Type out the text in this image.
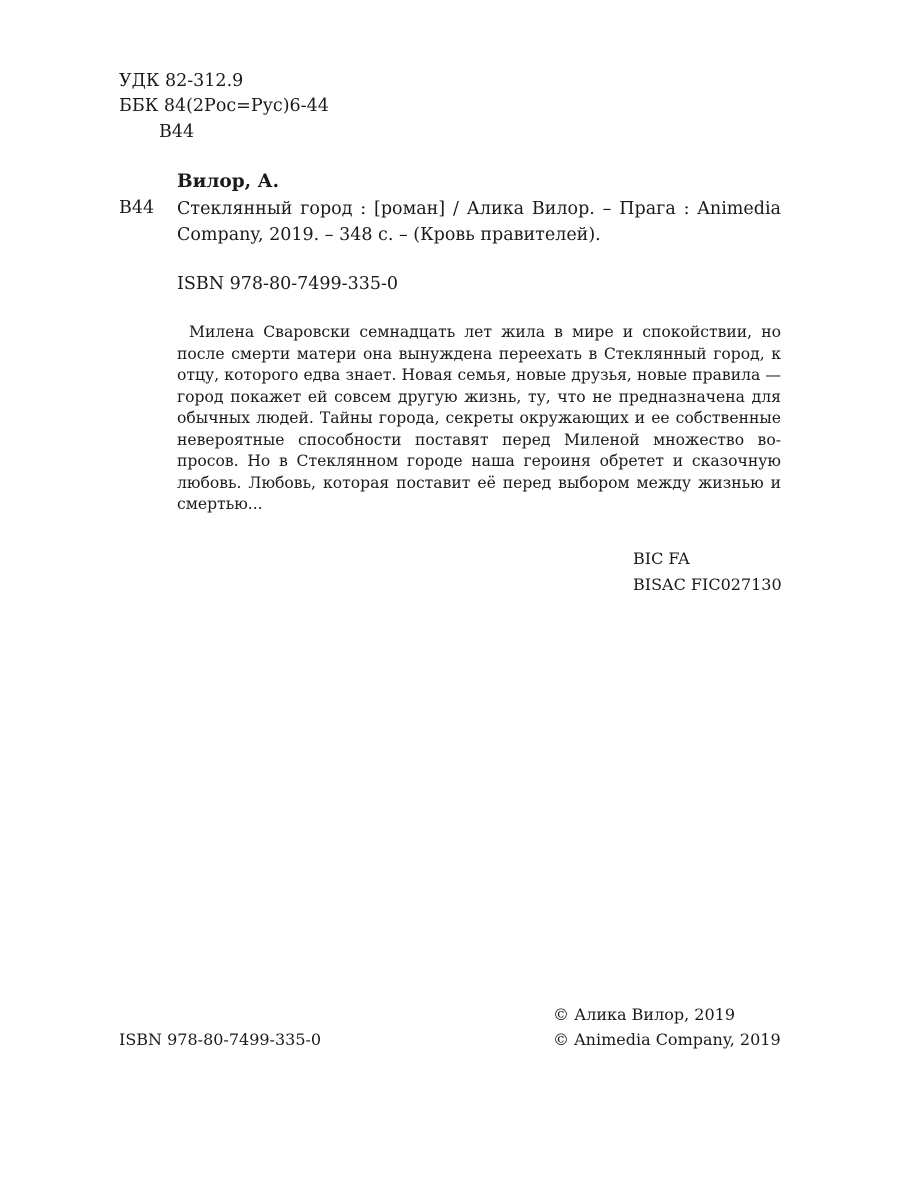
УДК 82-312.9
ББК 84(2Рос=Рус)6-44
В44
Вилор, А.
В44 Стеклянный город : [роман] / Алика Вилор. – Прага : Animedia Company, 2019. – 348 с. – (Кровь правителей).
ISBN 978-80-7499-335-0
Милена Сваровски семнадцать лет жила в мире и спокойствии, но после смерти матери она вынуждена переехать в Стеклянный город, к отцу, которого едва знает. Новая семья, новые друзья, новые правила — город покажет ей совсем другую жизнь, ту, что не предназначена для обычных людей. Тайны города, секреты окружающих и ее собственные невероятные способности поставят перед Миленой множество вопросов. Но в Стеклянном городе наша героиня обретет и сказочную любовь. Любовь, которая поставит её перед выбором между жизнью и смертью...
BIC FA
BISAC FIC027130
© Алика Вилор, 2019
ISBN 978-80-7499-335-0	© Animedia Company, 2019
